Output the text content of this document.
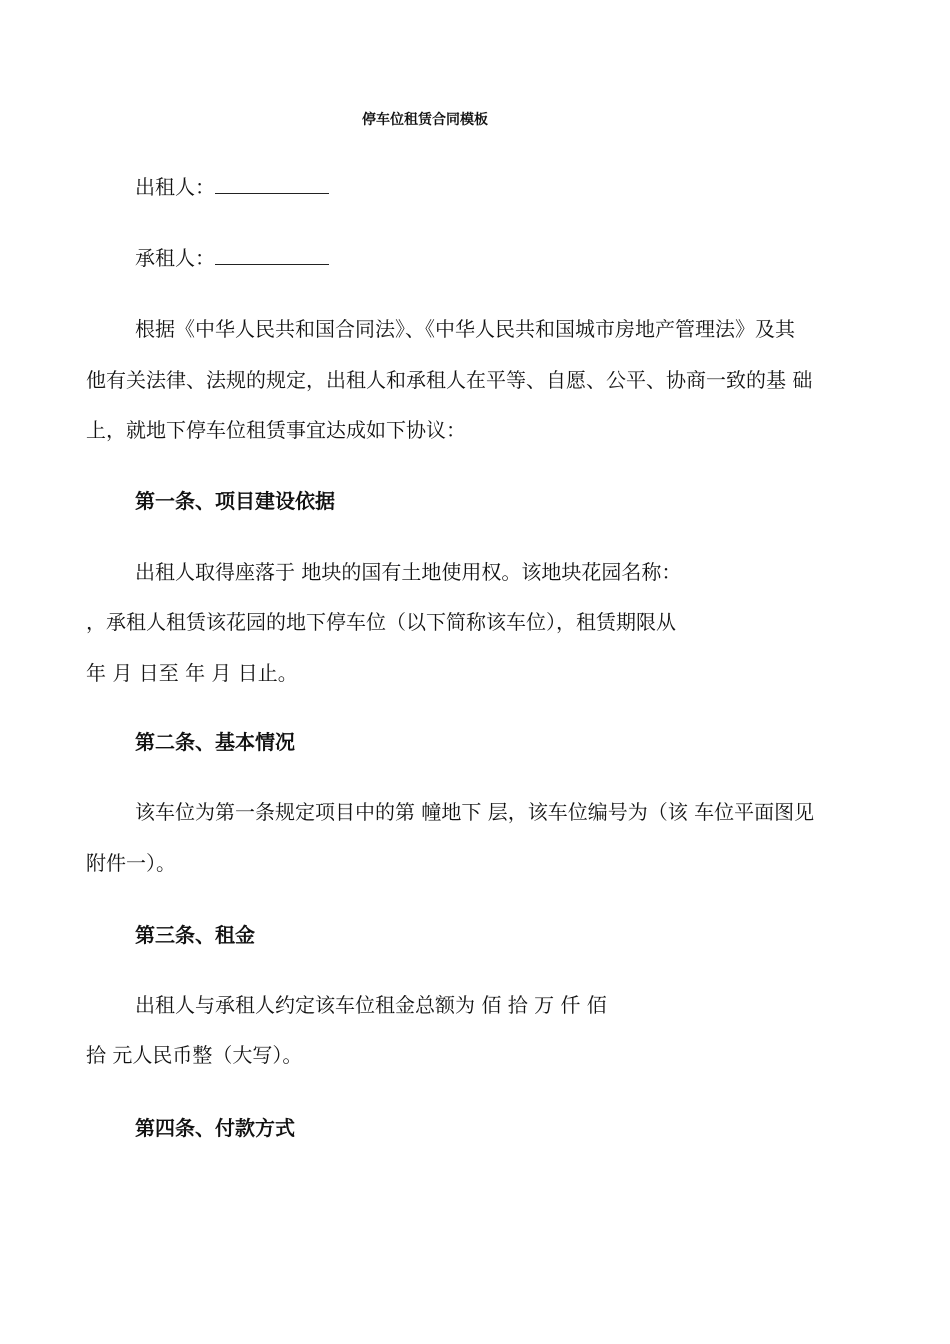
停车位租赁合同模板
出租人：
承租人：
根据《中华人民共和国合同法》、《中华人民共和国城市房地产管理法》及其
他有关法律、法规的规定，出租人和承租人在平等、自愿、公平、协商一致的基 础
上，就地下停车位租赁事宜达成如下协议：
第一条、项目建设依据
出租人取得座落于 地块的国有土地使用权。该地块花园名称：
，承租人租赁该花园的地下停车位（以下简称该车位），租赁期限从
年 月 日至 年 月 日止。
第二条、基本情况
该车位为第一条规定项目中的第 幢地下 层，该车位编号为（该 车位平面图见
附件一）。
第三条、租金
出租人与承租人约定该车位租金总额为 佰 拾 万 仟 佰
拾 元人民币整（大写）。
第四条、付款方式
